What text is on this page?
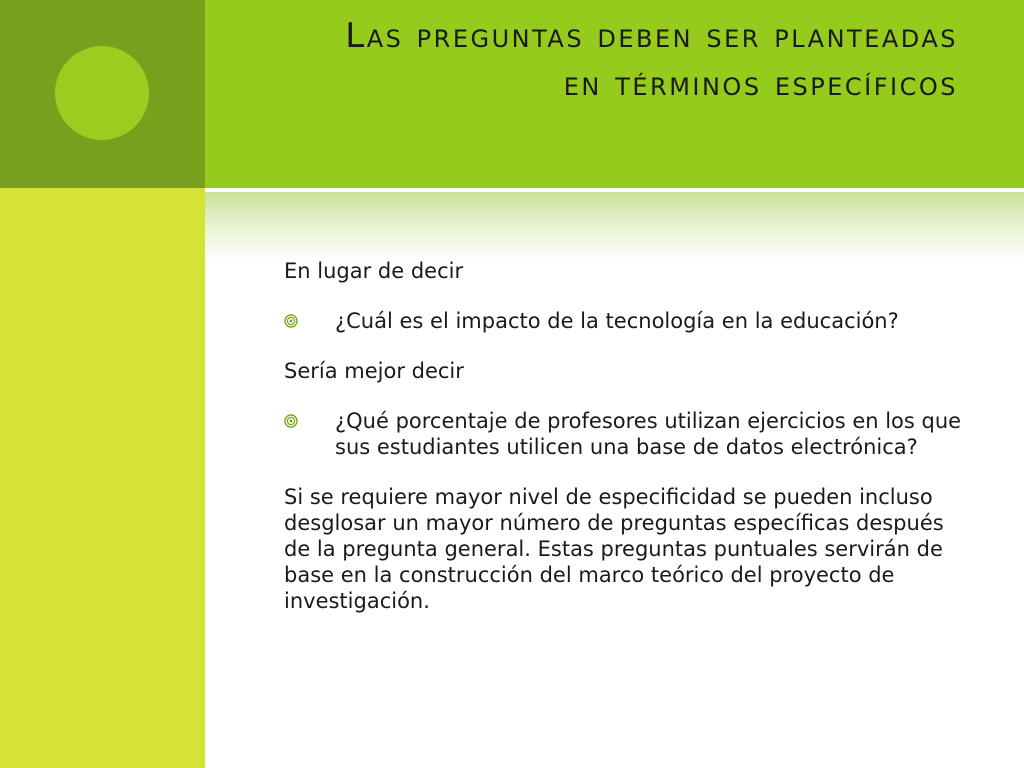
Las preguntas deben ser planteadas en términos específicos

En lugar de decir

¿Cuál es el impacto de la tecnología en la educación?

Sería mejor decir

¿Qué porcentaje de profesores utilizan ejercicios en los que sus estudiantes utilicen una base de datos electrónica?

Si se requiere mayor nivel de especificidad se pueden incluso desglosar un mayor número de preguntas específicas después de la pregunta general. Estas preguntas puntuales servirán de base en la construcción del marco teórico del proyecto de investigación.
